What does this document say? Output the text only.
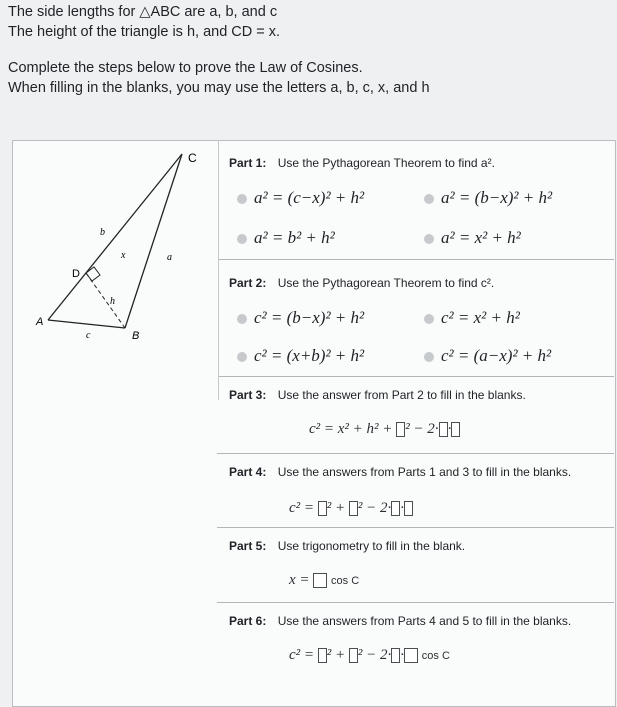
The side lengths for △ABC are a, b, and c
The height of the triangle is h, and CD = x.
Complete the steps below to prove the Law of Cosines.
When filling in the blanks, you may use the letters a, b, c, x, and h
C
D
A
B
b
x	a
h
c
Part 1: Use the Pythagorean Theorem to find a².
a² = (c−x)² + h²	a² = (b−x)² + h²
a² = b² + h²	a² = x² + h²
Part 2: Use the Pythagorean Theorem to find c².
c² = (b−x)² + h²	c² = x² + h²
c² = (x+b)² + h²	c² = (a−x)² + h²
Part 3: Use the answer from Part 2 to fill in the blanks.
c² = x² + h² + ² − 2· ·
Part 4: Use the answers from Parts 1 and 3 to fill in the blanks.
c² = ² + ² − 2· ·
Part 5: Use trigonometry to fill in the blank.
x =  cos C
Part 6: Use the answers from Parts 4 and 5 to fill in the blanks.
c² = ² + ² − 2· · cos C
